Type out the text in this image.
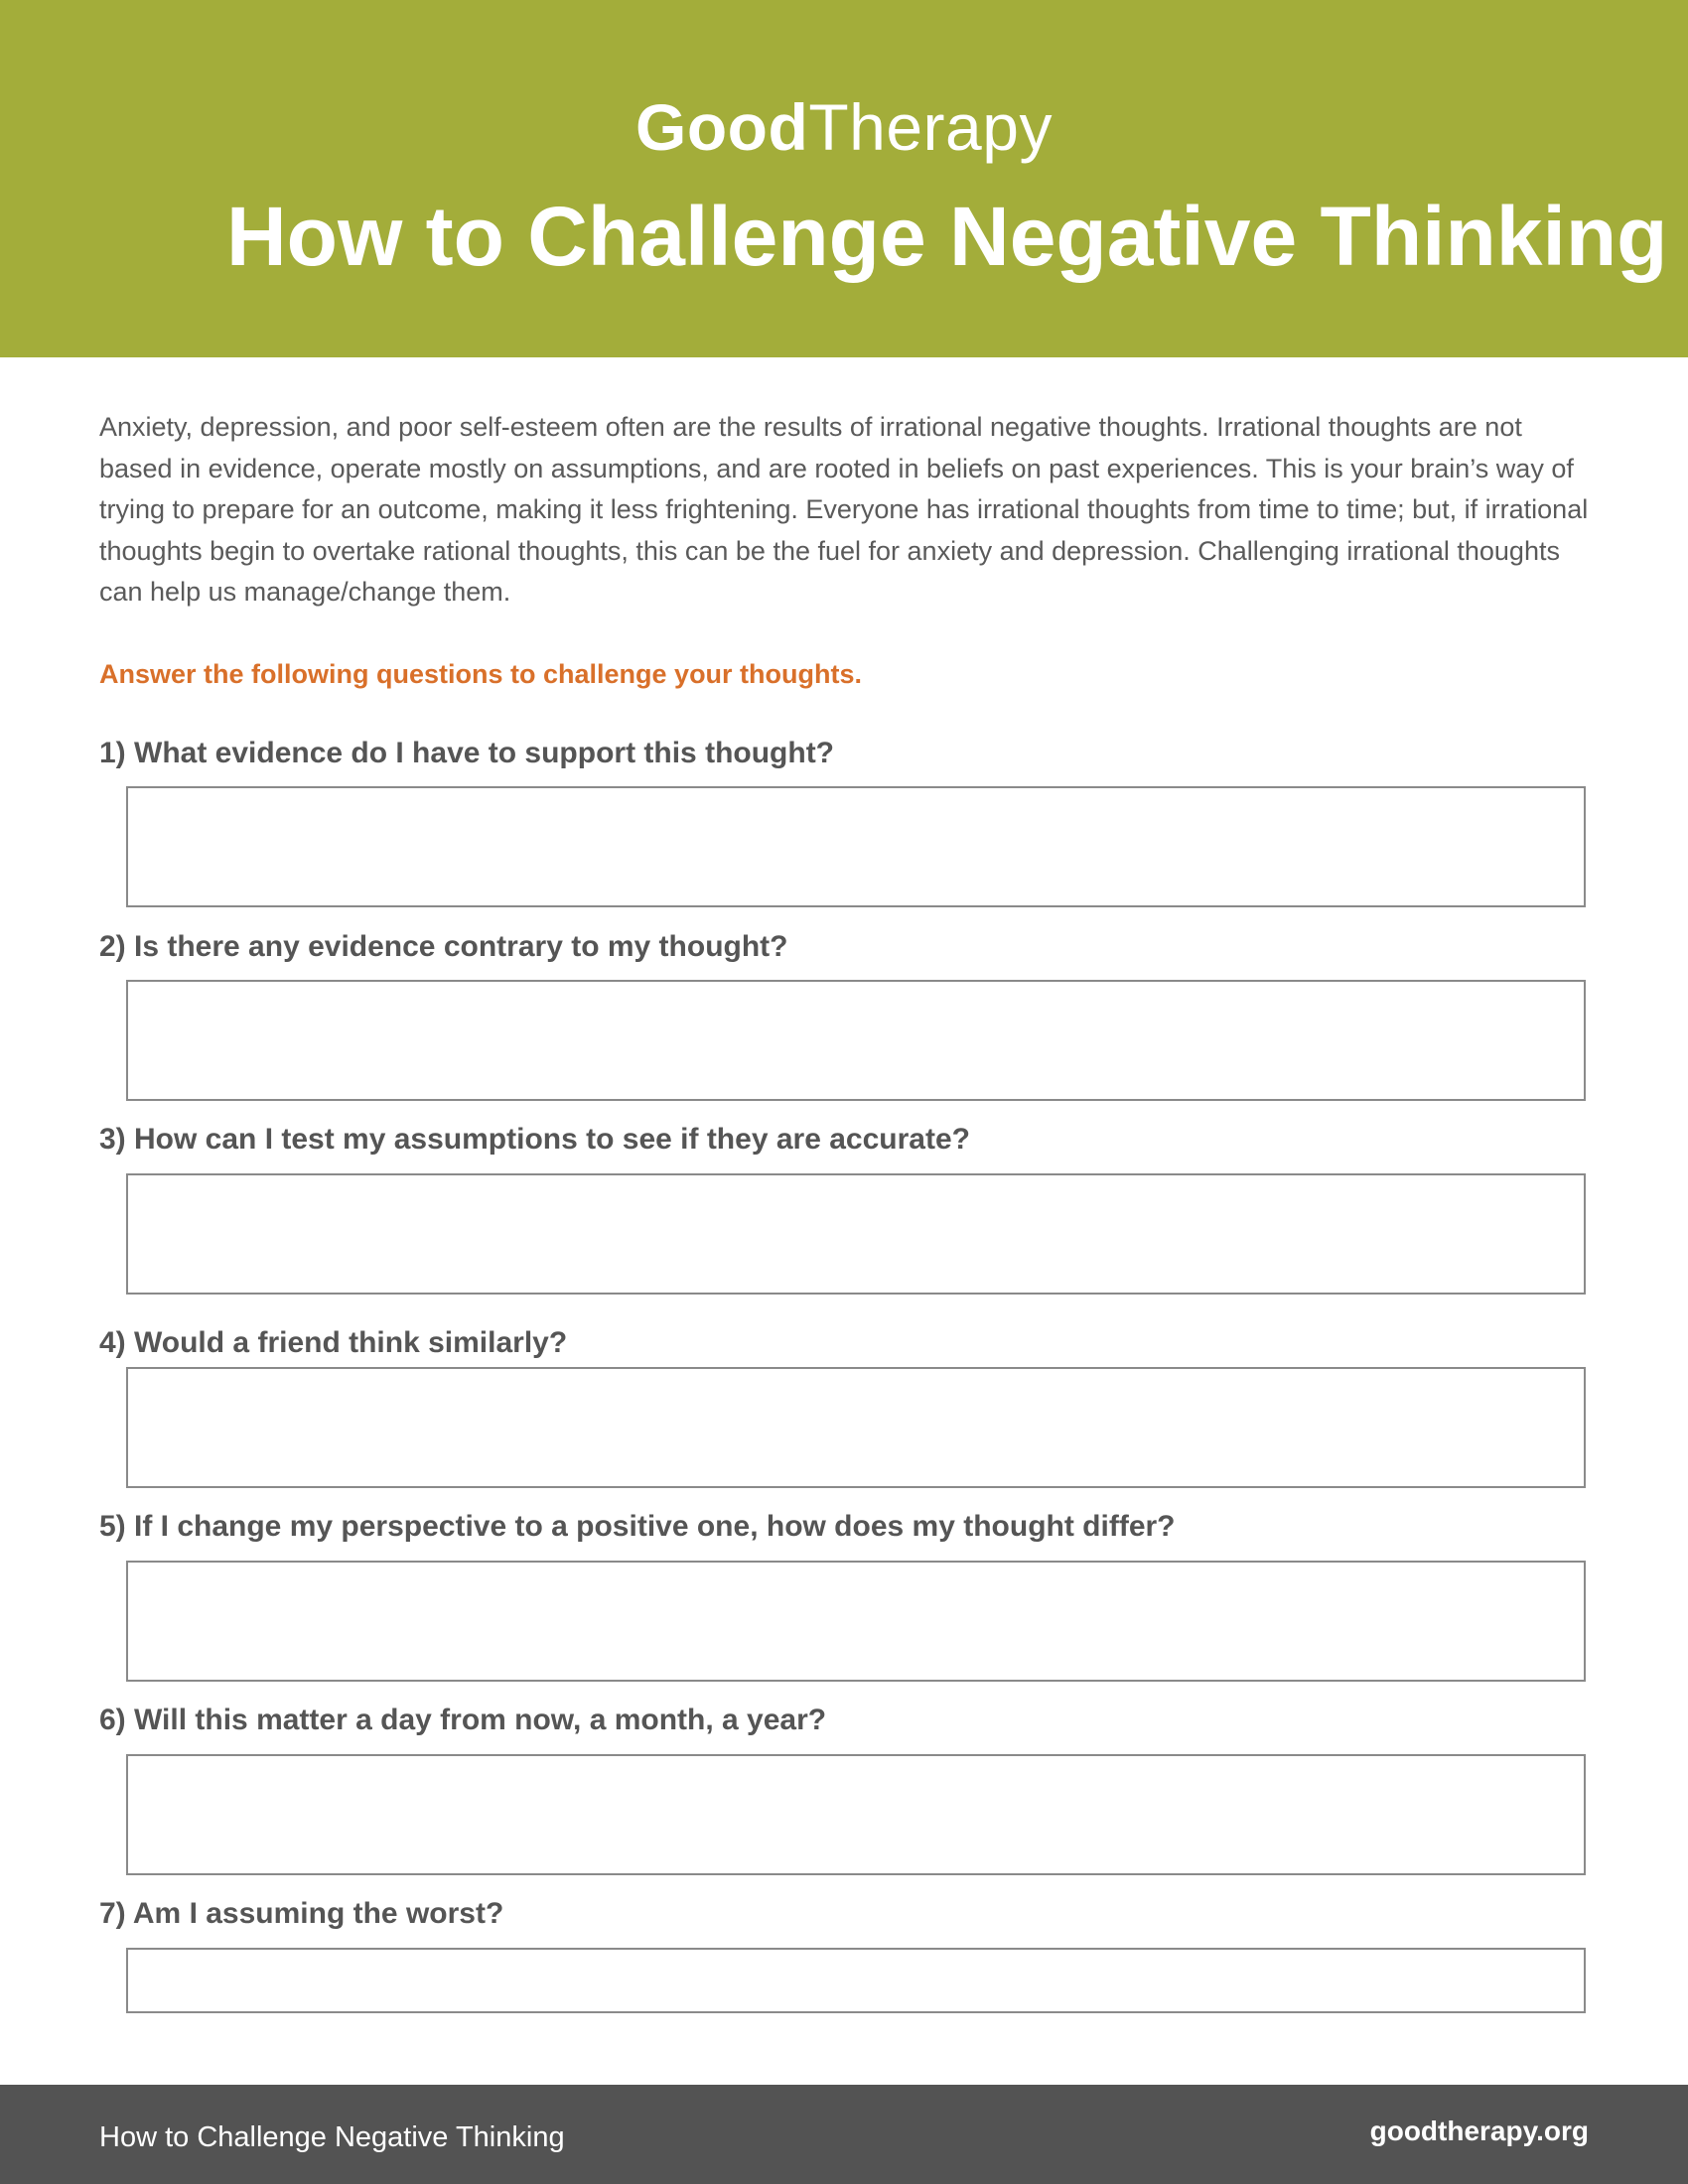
GoodTherapy
How to Challenge Negative Thinking

Anxiety, depression, and poor self-esteem often are the results of irrational negative thoughts. Irrational thoughts are not based in evidence, operate mostly on assumptions, and are rooted in beliefs on past experiences. This is your brain’s way of trying to prepare for an outcome, making it less frightening. Everyone has irrational thoughts from time to time; but, if irrational thoughts begin to overtake rational thoughts, this can be the fuel for anxiety and depression. Challenging irrational thoughts can help us manage/change them.

Answer the following questions to challenge your thoughts.

1) What evidence do I have to support this thought?

2) Is there any evidence contrary to my thought?

3) How can I test my assumptions to see if they are accurate?

4) Would a friend think similarly?

5) If I change my perspective to a positive one, how does my thought differ?

6) Will this matter a day from now, a month, a year?

7) Am I assuming the worst?

How to Challenge Negative Thinking	goodtherapy.org
